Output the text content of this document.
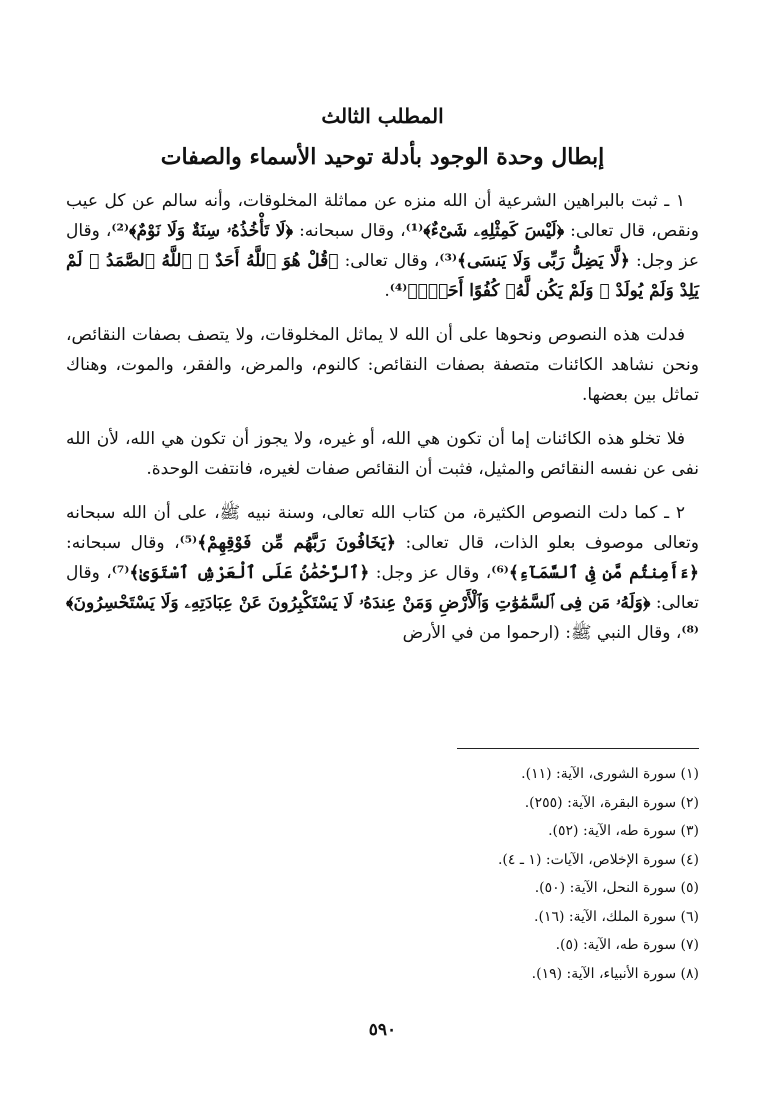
المطلب الثالث
إبطال وحدة الوجود بأدلة توحيد الأسماء والصفات

١ ـ ثبت بالبراهين الشرعية أن الله منزه عن مماثلة المخلوقات، وأنه سالم عن كل عيب ونقص، قال تعالى: ﴿لَيْسَ كَمِثْلِهِۦ شَىْءٌ﴾⁽¹⁾، وقال سبحانه: ﴿لَا تَأْخُذُهُۥ سِنَةٌ وَلَا نَوْمٌ﴾⁽²⁾، وقال عز وجل: ﴿لَّا يَضِلُّ رَبِّى وَلَا يَنسَى﴾⁽³⁾، وقال تعالى: ﴿قُلْ هُوَ ٱللَّهُ أَحَدٌ ۞ ٱللَّهُ ٱلصَّمَدُ ۞ لَمْ يَلِدْ وَلَمْ يُولَدْ ۞ وَلَمْ يَكُن لَّهُۥ كُفُوًا أَحَدٌۢ﴾⁽⁴⁾.

فدلت هذه النصوص ونحوها على أن الله لا يماثل المخلوقات، ولا يتصف بصفات النقائص، ونحن نشاهد الكائنات متصفة بصفات النقائص: كالنوم، والمرض، والفقر، والموت، وهناك تماثل بين بعضها.

فلا تخلو هذه الكائنات إما أن تكون هي الله، أو غيره، ولا يجوز أن تكون هي الله، لأن الله نفى عن نفسه النقائص والمثيل، فثبت أن النقائص صفات لغيره، فانتفت الوحدة.

٢ ـ كما دلت النصوص الكثيرة، من كتاب الله تعالى، وسنة نبيه ﷺ، على أن الله سبحانه وتعالى موصوف بعلو الذات، قال تعالى: ﴿يَخَافُونَ رَبَّهُم مِّن فَوْقِهِمْ﴾⁽⁵⁾، وقال سبحانه: ﴿ءَأَمِنتُم مَّن فِى ٱلسَّمَآءِ﴾⁽⁶⁾، وقال عز وجل: ﴿ٱلرَّحْمَٰنُ عَلَى ٱلْعَرْشِ ٱسْتَوَىٰ﴾⁽⁷⁾، وقال تعالى: ﴿وَلَهُۥ مَن فِى ٱلسَّمَٰوَٰتِ وَٱلْأَرْضِ وَمَنْ عِندَهُۥ لَا يَسْتَكْبِرُونَ عَنْ عِبَادَتِهِۦ وَلَا يَسْتَحْسِرُونَ﴾⁽⁸⁾، وقال النبي ﷺ: (ارحموا من في الأرض

(١) سورة الشورى، الآية: (١١).
(٢) سورة البقرة، الآية: (٢٥٥).
(٣) سورة طه، الآية: (٥٢).
(٤) سورة الإخلاص، الآيات: (١ ـ ٤).
(٥) سورة النحل، الآية: (٥٠).
(٦) سورة الملك، الآية: (١٦).
(٧) سورة طه، الآية: (٥).
(٨) سورة الأنبياء، الآية: (١٩).
٥٩٠
